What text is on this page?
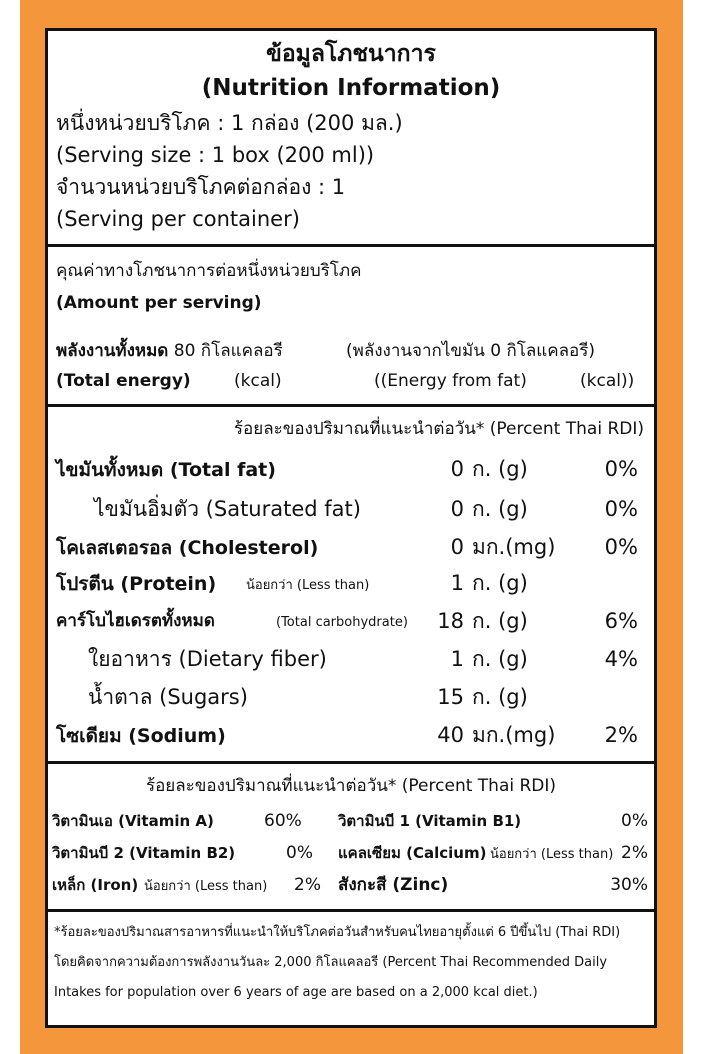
ข้อมูลโภชนาการ
(Nutrition Information)
หนึ่งหน่วยบริโภค : 1 กล่อง (200 มล.)
(Serving size : 1 box (200 ml))
จำนวนหน่วยบริโภคต่อกล่อง : 1
(Serving per container)
คุณค่าทางโภชนาการต่อหนึ่งหน่วยบริโภค
(Amount per serving)
พลังงานทั้งหมด 80 กิโลแคลอรี	(พลังงานจากไขมัน 0 กิโลแคลอรี)
(Total energy)	(kcal)	((Energy from fat)	(kcal))
ร้อยละของปริมาณที่แนะนำต่อวัน* (Percent Thai RDI)
ไขมันทั้งหมด (Total fat)	0 ก. (g)	0%
ไขมันอิ่มตัว (Saturated fat)	0 ก. (g)	0%
โคเลสเตอรอล (Cholesterol)	0 มก.(mg) 0%
โปรตีน (Protein) น้อยกว่า (Less than)	1 ก. (g)
คาร์โบไฮเดรตทั้งหมด	(Total carbohydrate)	18 ก. (g)	6%
ใยอาหาร (Dietary fiber)	1 ก. (g)	4%
น้ำตาล (Sugars)	15 ก. (g)
โซเดียม (Sodium)	40 มก.(mg) 2%
ร้อยละของปริมาณที่แนะนำต่อวัน* (Percent Thai RDI)
วิตามินเอ (Vitamin A)	60% วิตามินบี 1 (Vitamin B1)	0%
วิตามินบี 2 (Vitamin B2)	0% แคลเซียม (Calcium) น้อยกว่า (Less than) 2%
เหล็ก (Iron) น้อยกว่า (Less than) 2% สังกะสี (Zinc)	30%
*ร้อยละของปริมาณสารอาหารที่แนะนำให้บริโภคต่อวันสำหรับคนไทยอายุตั้งแต่ 6 ปีขึ้นไป (Thai RDI)
โดยคิดจากความต้องการพลังงานวันละ 2,000 กิโลแคลอรี (Percent Thai Recommended Daily
Intakes for population over 6 years of age are based on a 2,000 kcal diet.)
